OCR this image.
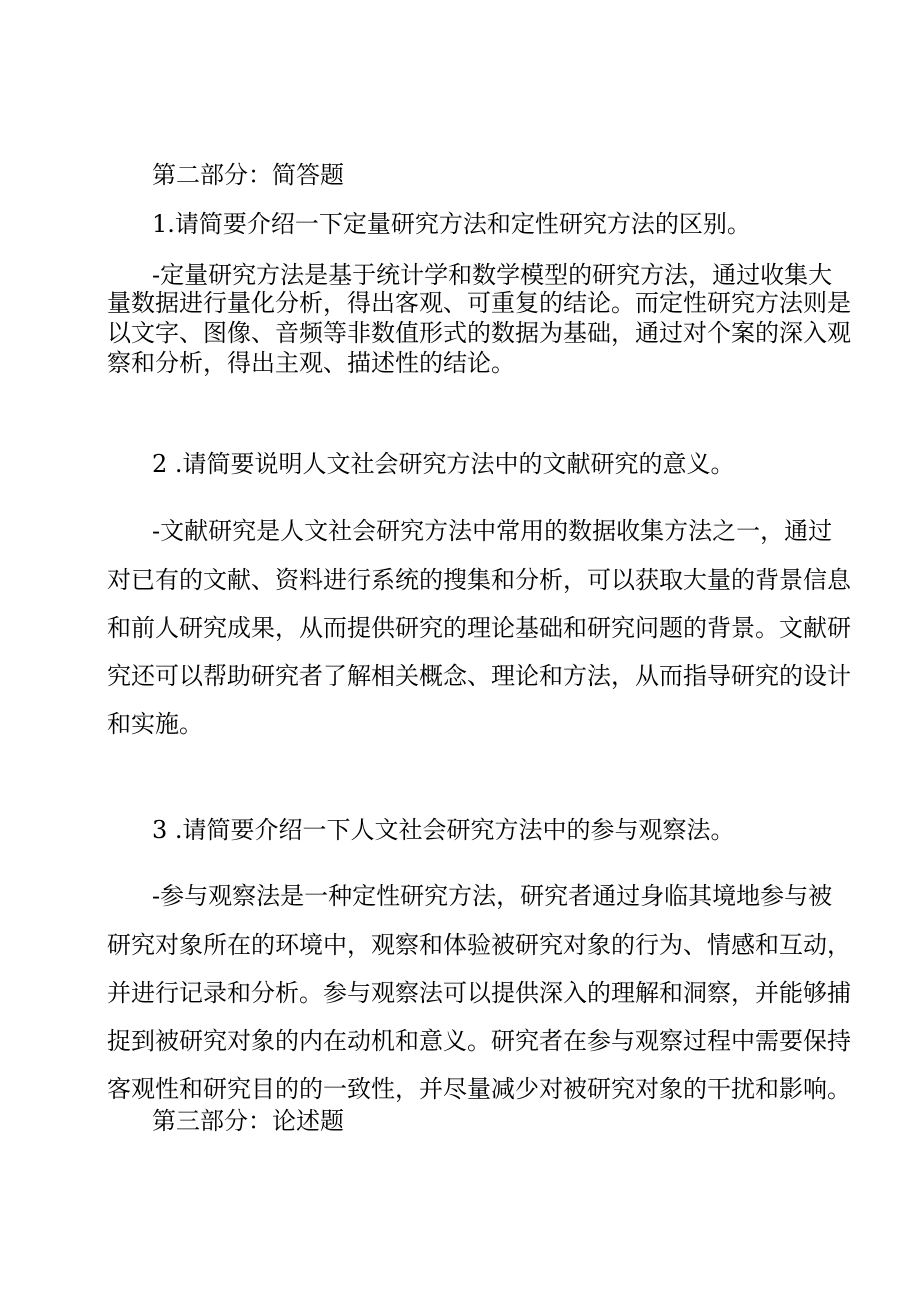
第二部分：简答题
1.请简要介绍一下定量研究方法和定性研究方法的区别。
-定量研究方法是基于统计学和数学模型的研究方法，通过收集大
量数据进行量化分析，得出客观、可重复的结论。而定性研究方法则是
以文字、图像、音频等非数值形式的数据为基础，通过对个案的深入观
察和分析，得出主观、描述性的结论。
2 .请简要说明人文社会研究方法中的文献研究的意义。
-文献研究是人文社会研究方法中常用的数据收集方法之一，通过
对已有的文献、资料进行系统的搜集和分析，可以获取大量的背景信息
和前人研究成果，从而提供研究的理论基础和研究问题的背景。文献研
究还可以帮助研究者了解相关概念、理论和方法，从而指导研究的设计
和实施。
3 .请简要介绍一下人文社会研究方法中的参与观察法。
-参与观察法是一种定性研究方法，研究者通过身临其境地参与被
研究对象所在的环境中，观察和体验被研究对象的行为、情感和互动，
并进行记录和分析。参与观察法可以提供深入的理解和洞察，并能够捕
捉到被研究对象的内在动机和意义。研究者在参与观察过程中需要保持
客观性和研究目的的一致性，并尽量减少对被研究对象的干扰和影响。
第三部分：论述题
